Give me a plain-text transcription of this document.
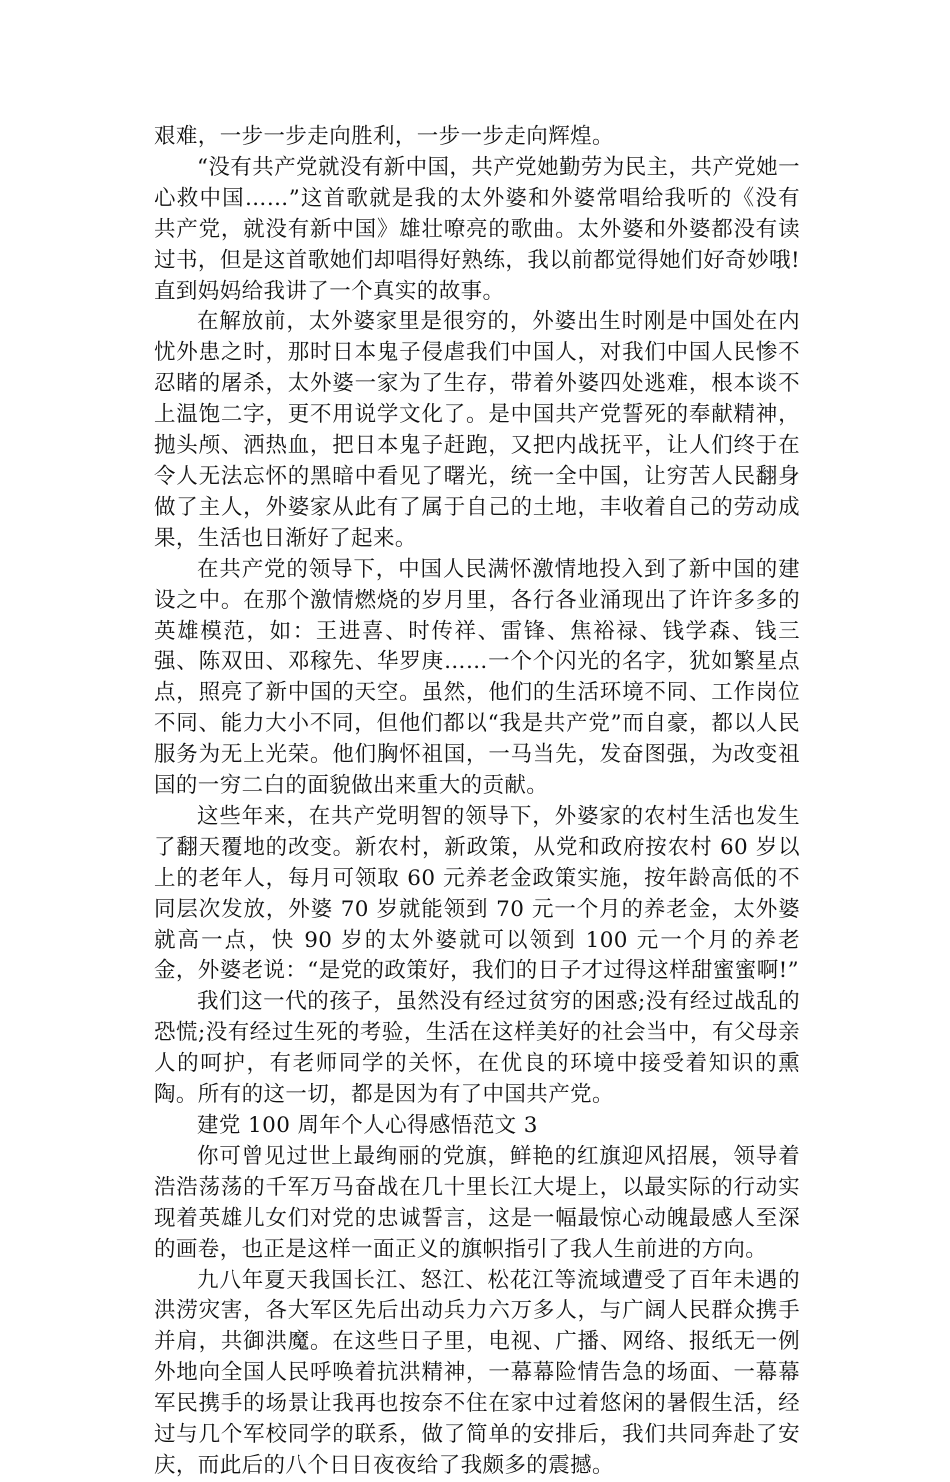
艰难，一步一步走向胜利，一步一步走向辉煌。

“没有共产党就没有新中国，共产党她勤劳为民主，共产党她一心救中国……”这首歌就是我的太外婆和外婆常唱给我听的《没有共产党，就没有新中国》雄壮嘹亮的歌曲。太外婆和外婆都没有读过书，但是这首歌她们却唱得好熟练，我以前都觉得她们好奇妙哦!直到妈妈给我讲了一个真实的故事。

在解放前，太外婆家里是很穷的，外婆出生时刚是中国处在内忧外患之时，那时日本鬼子侵虐我们中国人，对我们中国人民惨不忍睹的屠杀，太外婆一家为了生存，带着外婆四处逃难，根本谈不上温饱二字，更不用说学文化了。是中国共产党誓死的奉献精神，抛头颅、洒热血，把日本鬼子赶跑，又把内战抚平，让人们终于在令人无法忘怀的黑暗中看见了曙光，统一全中国，让穷苦人民翻身做了主人，外婆家从此有了属于自己的土地，丰收着自己的劳动成果，生活也日渐好了起来。

在共产党的领导下，中国人民满怀激情地投入到了新中国的建设之中。在那个激情燃烧的岁月里，各行各业涌现出了许许多多的英雄模范，如：王进喜、时传祥、雷锋、焦裕禄、钱学森、钱三强、陈双田、邓稼先、华罗庚……一个个闪光的名字，犹如繁星点点，照亮了新中国的天空。虽然，他们的生活环境不同、工作岗位不同、能力大小不同，但他们都以“我是共产党”而自豪，都以人民服务为无上光荣。他们胸怀祖国，一马当先，发奋图强，为改变祖国的一穷二白的面貌做出来重大的贡献。

这些年来，在共产党明智的领导下，外婆家的农村生活也发生了翻天覆地的改变。新农村，新政策，从党和政府按农村 60 岁以上的老年人，每月可领取 60 元养老金政策实施，按年龄高低的不同层次发放，外婆 70 岁就能领到 70 元一个月的养老金，太外婆就高一点，快 90 岁的太外婆就可以领到 100 元一个月的养老金，外婆老说：“是党的政策好，我们的日子才过得这样甜蜜蜜啊!”

我们这一代的孩子，虽然没有经过贫穷的困惑;没有经过战乱的恐慌;没有经过生死的考验，生活在这样美好的社会当中，有父母亲人的呵护，有老师同学的关怀，在优良的环境中接受着知识的熏陶。所有的这一切，都是因为有了中国共产党。

建党 100 周年个人心得感悟范文 3

你可曾见过世上最绚丽的党旗，鲜艳的红旗迎风招展，领导着浩浩荡荡的千军万马奋战在几十里长江大堤上，以最实际的行动实现着英雄儿女们对党的忠诚誓言，这是一幅最惊心动魄最感人至深的画卷，也正是这样一面正义的旗帜指引了我人生前进的方向。

九八年夏天我国长江、怒江、松花江等流域遭受了百年未遇的洪涝灾害，各大军区先后出动兵力六万多人，与广阔人民群众携手并肩，共御洪魔。在这些日子里，电视、广播、网络、报纸无一例外地向全国人民呼唤着抗洪精神，一幕幕险情告急的场面、一幕幕军民携手的场景让我再也按奈不住在家中过着悠闲的暑假生活，经过与几个军校同学的联系，做了简单的安排后，我们共同奔赴了安庆，而此后的八个日日夜夜给了我颇多的震撼。
